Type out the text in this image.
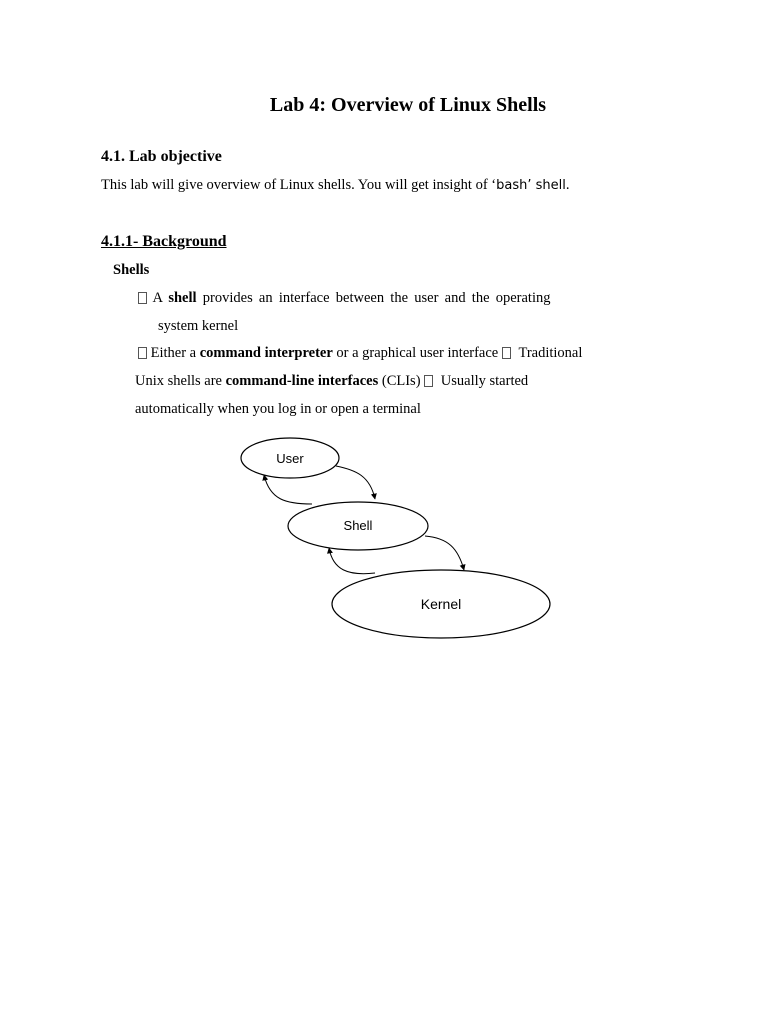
Lab 4: Overview of Linux Shells
4.1. Lab objective
This lab will give overview of Linux shells. You will get insight of ‘bash’ shell.
4.1.1- Background
Shells
A shell provides an interface between the user and the operating
system kernel
Either a command interpreter or a graphical user interface  Traditional
Unix shells are command-line interfaces (CLIs)  Usually started
automatically when you log in or open a terminal
User
Shell
Kernel
